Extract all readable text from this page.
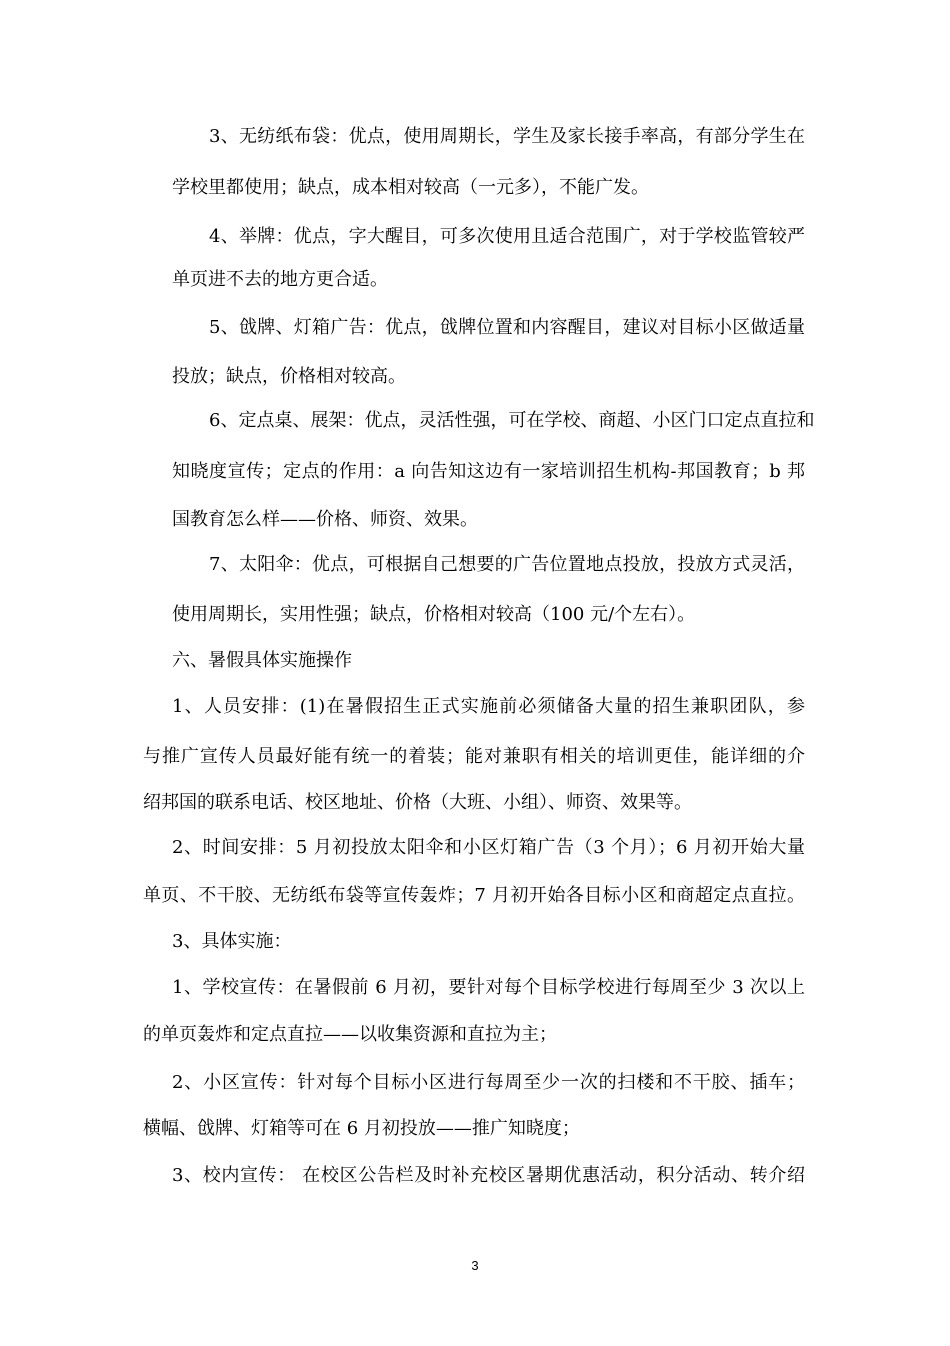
3、无纺纸布袋：优点，使用周期长，学生及家长接手率高，有部分学生在

学校里都使用；缺点，成本相对较高（一元多），不能广发。

4、举牌：优点，字大醒目，可多次使用且适合范围广，对于学校监管较严

单页进不去的地方更合适。

5、戗牌、灯箱广告：优点，戗牌位置和内容醒目，建议对目标小区做适量

投放；缺点，价格相对较高。

6、定点桌、展架：优点，灵活性强，可在学校、商超、小区门口定点直拉和

知晓度宣传；定点的作用：a 向告知这边有一家培训招生机构-邦国教育；b 邦

国教育怎么样——价格、师资、效果。

7、太阳伞：优点，可根据自己想要的广告位置地点投放，投放方式灵活，

使用周期长，实用性强；缺点，价格相对较高（100 元/个左右）。

六、暑假具体实施操作

1、人员安排：(1)在暑假招生正式实施前必须储备大量的招生兼职团队，参

与推广宣传人员最好能有统一的着装；能对兼职有相关的培训更佳，能详细的介

绍邦国的联系电话、校区地址、价格（大班、小组）、师资、效果等。

2、时间安排：5 月初投放太阳伞和小区灯箱广告（3 个月）；6 月初开始大量

单页、不干胶、无纺纸布袋等宣传轰炸；7 月初开始各目标小区和商超定点直拉。

3、具体实施：

1、学校宣传：在暑假前 6 月初，要针对每个目标学校进行每周至少 3 次以上

的单页轰炸和定点直拉——以收集资源和直拉为主；

2、小区宣传：针对每个目标小区进行每周至少一次的扫楼和不干胶、插车；

横幅、戗牌、灯箱等可在 6 月初投放——推广知晓度；

3、校内宣传： 在校区公告栏及时补充校区暑期优惠活动，积分活动、转介绍

3
